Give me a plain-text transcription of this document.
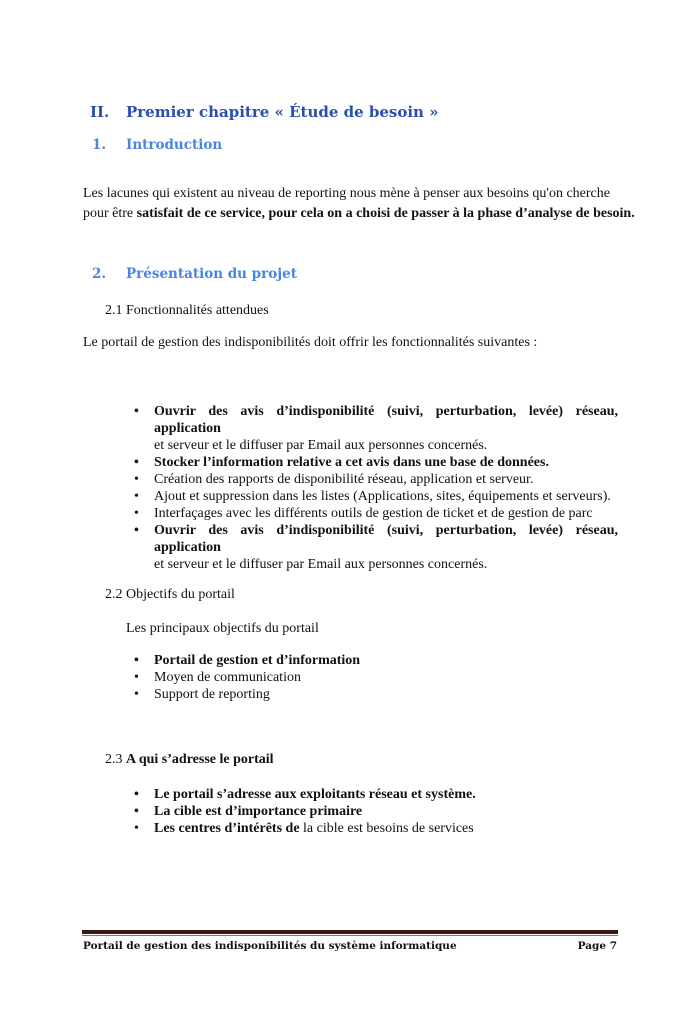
II. Premier chapitre « Étude de besoin »
1. Introduction
Les lacunes qui existent au niveau de reporting nous mène à penser aux besoins qu'on cherche
pour être satisfait de ce service, pour cela on a choisi de passer à la phase d’analyse de besoin.
2. Présentation du projet
2.1 Fonctionnalités attendues
Le portail de gestion des indisponibilités doit offrir les fonctionnalités suivantes :
• Ouvrir des avis d’indisponibilité (suivi, perturbation, levée) réseau, application
et serveur et le diffuser par Email aux personnes concernés.
• Stocker l’information relative a cet avis dans une base de données.
• Création des rapports de disponibilité réseau, application et serveur.
• Ajout et suppression dans les listes (Applications, sites, équipements et serveurs).
• Interfaçages avec les différents outils de gestion de ticket et de gestion de parc
• Ouvrir des avis d’indisponibilité (suivi, perturbation, levée) réseau, application
et serveur et le diffuser par Email aux personnes concernés.
2.2 Objectifs du portail
Les principaux objectifs du portail
• Portail de gestion et d’information
• Moyen de communication
• Support de reporting
2.3 A qui s’adresse le portail
• Le portail s’adresse aux exploitants réseau et système.
• La cible est d’importance primaire
• Les centres d’intérêts de la cible est besoins de services
Portail de gestion des indisponibilités du système informatique	Page 7
